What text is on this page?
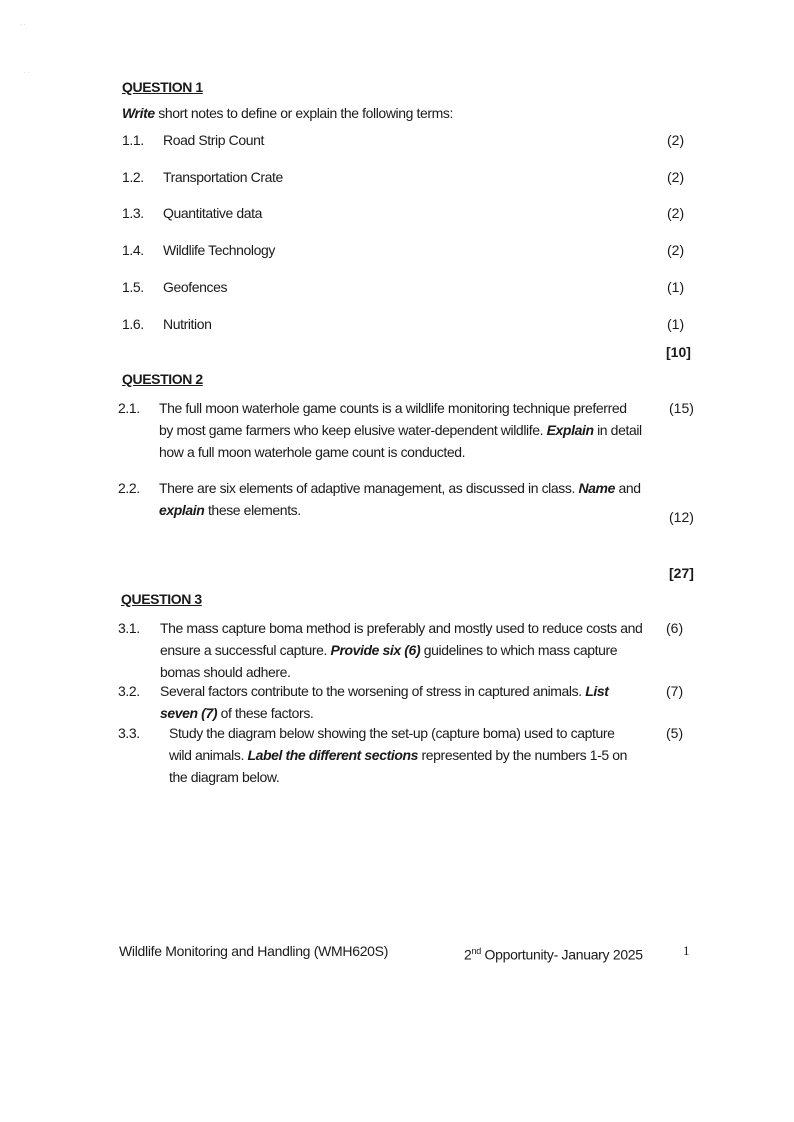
· ·
· ·
QUESTION 1
Write short notes to define or explain the following terms:
1.1. Road Strip Count	(2)
1.2. Transportation Crate	(2)
1.3. Quantitative data	(2)
1.4. Wildlife Technology	(2)
1.5. Geofences	(1)
1.6. Nutrition	(1)
[10]
QUESTION 2
2.1. The full moon waterhole game counts is a wildlife monitoring technique preferred
by most game farmers who keep elusive water-dependent wildlife. Explain in detail
how a full moon waterhole game count is conducted.
(15)
2.2. There are six elements of adaptive management, as discussed in class. Name and
explain these elements.	(12)
[27]
QUESTION 3
3.1. The mass capture boma method is preferably and mostly used to reduce costs and
ensure a successful capture. Provide six (6) guidelines to which mass capture
bomas should adhere.
(6)
3.2. Several factors contribute to the worsening of stress in captured animals. List
seven (7) of these factors.
(7)
3.3. Study the diagram below showing the set-up (capture boma) used to capture
wild animals. Label the different sections represented by the numbers 1-5 on
the diagram below.
(5)
Wildlife Monitoring and Handling (WMH620S)	2nd Opportunity- January 2025	1
